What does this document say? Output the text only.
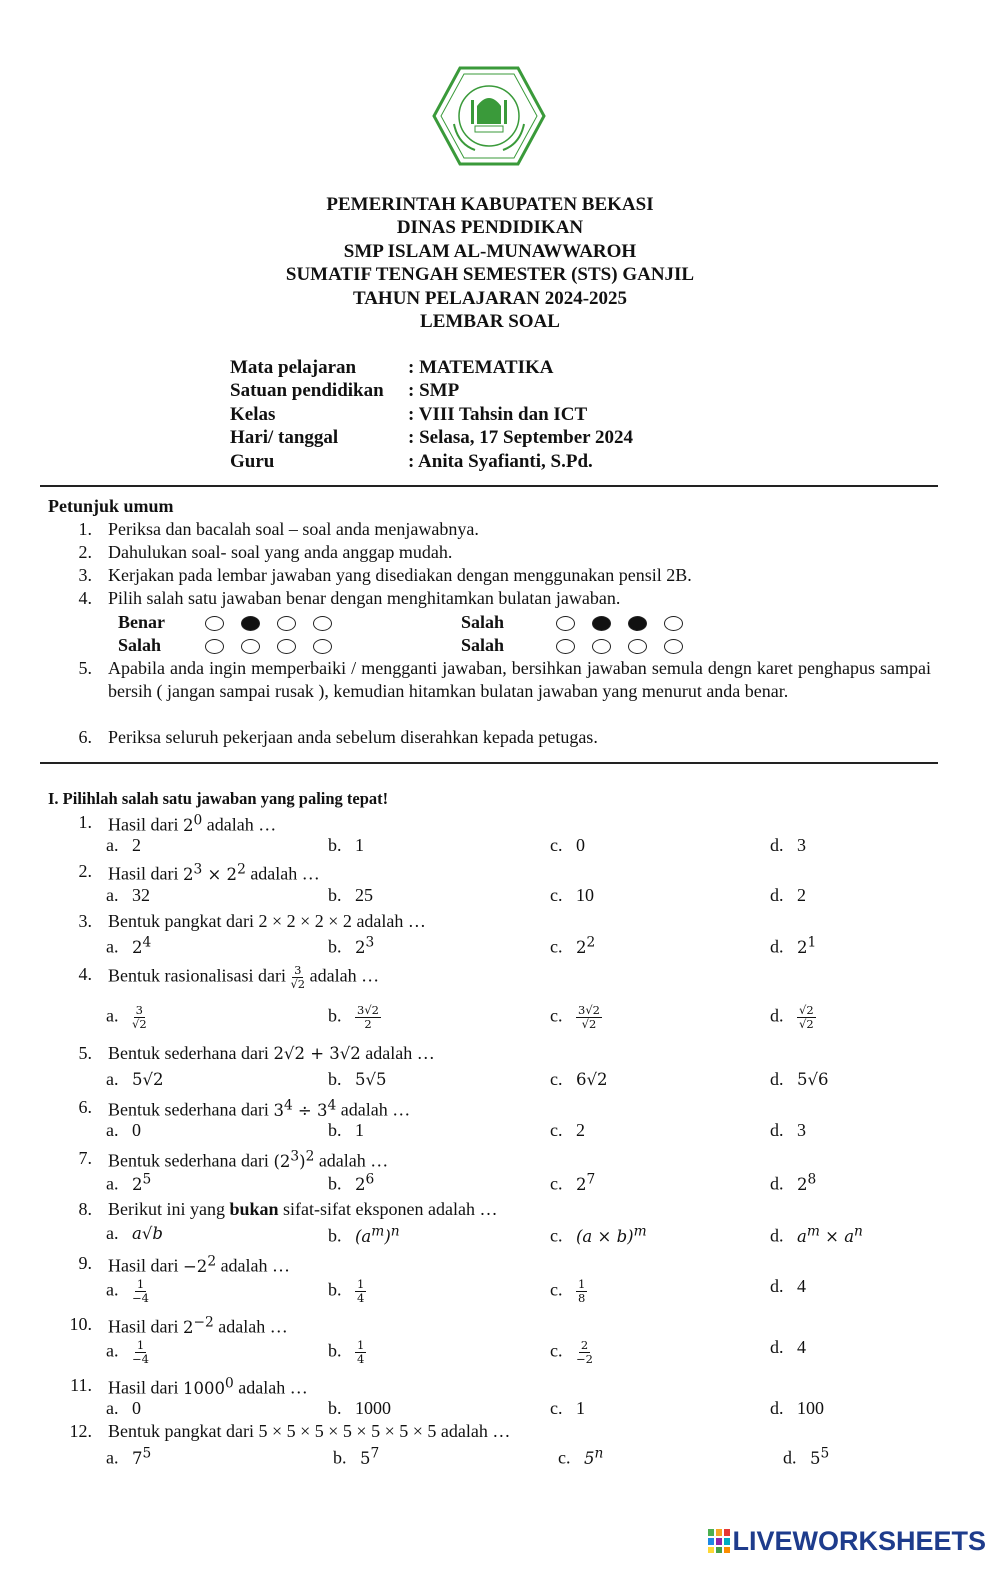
PEMERINTAH KABUPATEN BEKASI
DINAS PENDIDIKAN
SMP ISLAM AL-MUNAWWAROH
SUMATIF TENGAH SEMESTER (STS) GANJIL
TAHUN PELAJARAN 2024-2025
LEMBAR SOAL
Mata pelajaran	: MATEMATIKA
Satuan pendidikan	: SMP
Kelas	: VIII Tahsin dan ICT
Hari/ tanggal	: Selasa, 17 September 2024
Guru	: Anita Syafianti, S.Pd.
Petunjuk umum
1. Periksa dan bacalah soal – soal anda menjawabnya.
2. Dahulukan soal- soal yang anda anggap mudah.
3. Kerjakan pada lembar jawaban yang disediakan dengan menggunakan pensil 2B.
4. Pilih salah satu jawaban benar dengan menghitamkan bulatan jawaban.
Benar	Salah
Salah	Salah
5. Apabila anda ingin memperbaiki / mengganti jawaban, bersihkan jawaban semula dengn karet penghapus sampai bersih ( jangan sampai rusak ), kemudian hitamkan bulatan jawaban yang menurut anda benar.
6. Periksa seluruh pekerjaan anda sebelum diserahkan kepada petugas.
I. Pilihlah salah satu jawaban yang paling tepat!
1. Hasil dari $2^0$ adalah …
a.   2	b.   1	c.   0	d.   3
2. Hasil dari $2^3 \times 2^2$ adalah …
a.   32	b.   25	c.   10	d.   2
3. Bentuk pangkat dari 2 × 2 × 2 × 2 adalah …
a.   $2^4$	b.   $2^3$	c.   $2^2$	d.   $2^1$
4. Bentuk rasionalisasi dari $\frac{3}{√2}$ adalah …
a. $\frac{3}{√2}$	b. $\frac{3√2}{2}$	c. $\frac{3√2}{√2}$	d. $\frac{√2}{√2}$
5. Bentuk sederhana dari 2√2 + 3√2 adalah …
a.   5√2	b.   5√5	c.   6√2	d.   5√6
6. Bentuk sederhana dari $3^4 \div 3^4$ adalah …
a.   0	b.   1	c.   2	d.   3
7. Bentuk sederhana dari $(2^3)^2$ adalah …
a.   $2^5$	b.   $2^6$	c.   $2^7$	d.   $2^8$
8. Berikut ini yang bukan sifat-sifat eksponen adalah …
a.   a√b	b.   $(a^m)^n$	c.   $(a \times b)^m$	d.   $a^m \times a^n$
9. Hasil dari $-2^2$ adalah …
a. $\frac{1}{-4}$	b. $\frac{1}{4}$	c. $\frac{1}{8}$	d.   4
10. Hasil dari $2^{-2}$ adalah …
a. $\frac{1}{-4}$	b. $\frac{1}{4}$	c. $\frac{2}{-2}$	d.   4
11. Hasil dari 1000$^0$ adalah …
a.   0	b.   1000	c.   1	d.   100
12. Bentuk pangkat dari 5 × 5 × 5 × 5 × 5 × 5 × 5 adalah …
a.   $7^5$	b.   $5^7$	c.   5$^n$	d.   $5^5$
LIVEWORKSHEETS
